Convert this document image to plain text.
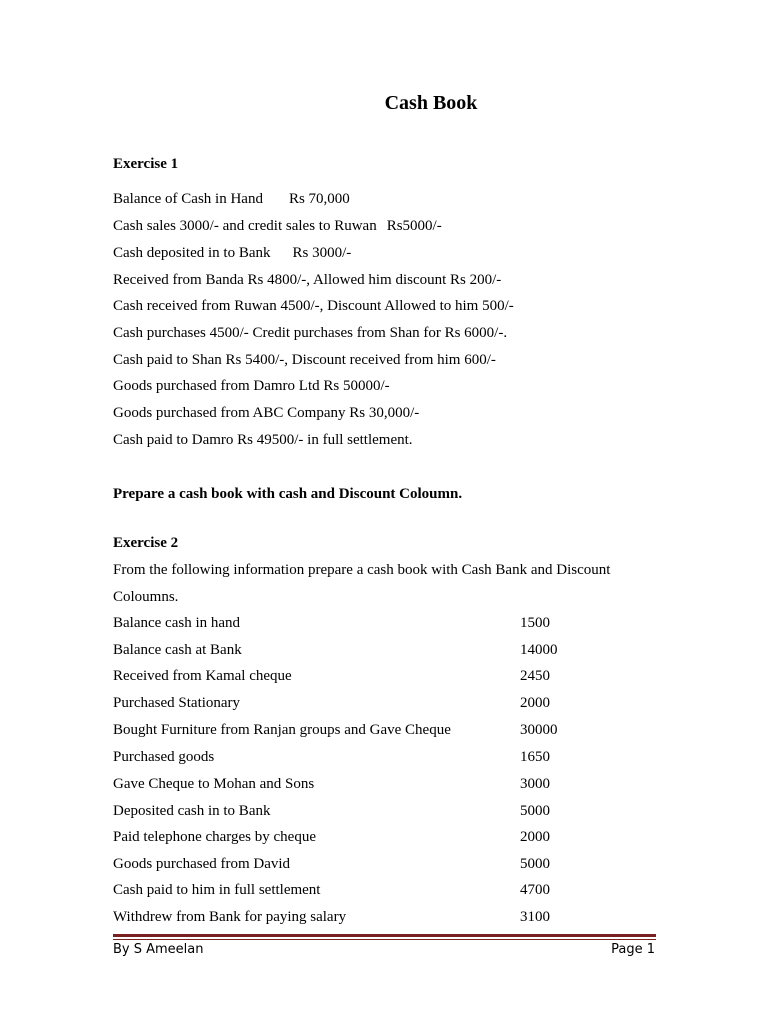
Cash Book
Exercise 1
Balance of Cash in Hand Rs 70,000
Cash sales 3000/- and credit sales to Ruwan Rs5000/-
Cash deposited in to Bank Rs 3000/-
Received from Banda Rs 4800/-, Allowed him discount Rs 200/-
Cash received from Ruwan 4500/-, Discount Allowed to him 500/-
Cash purchases 4500/- Credit purchases from Shan for Rs 6000/-.
Cash paid to Shan Rs 5400/-, Discount received from him 600/-
Goods purchased from Damro Ltd Rs 50000/-
Goods purchased from ABC Company Rs 30,000/-
Cash paid to Damro Rs 49500/- in full settlement.
Prepare a cash book with cash and Discount Coloumn.
Exercise 2
From the following information prepare a cash book with Cash Bank and Discount
Coloumns.
Balance cash in hand	1500
Balance cash at Bank	14000
Received from Kamal cheque	2450
Purchased Stationary	2000
Bought Furniture from Ranjan groups and Gave Cheque	30000
Purchased goods	1650
Gave Cheque to Mohan and Sons	3000
Deposited cash in to Bank	5000
Paid telephone charges by cheque	2000
Goods purchased from David	5000
Cash paid to him in full settlement	4700
Withdrew from Bank for paying salary	3100
By S Ameelan	Page 1
